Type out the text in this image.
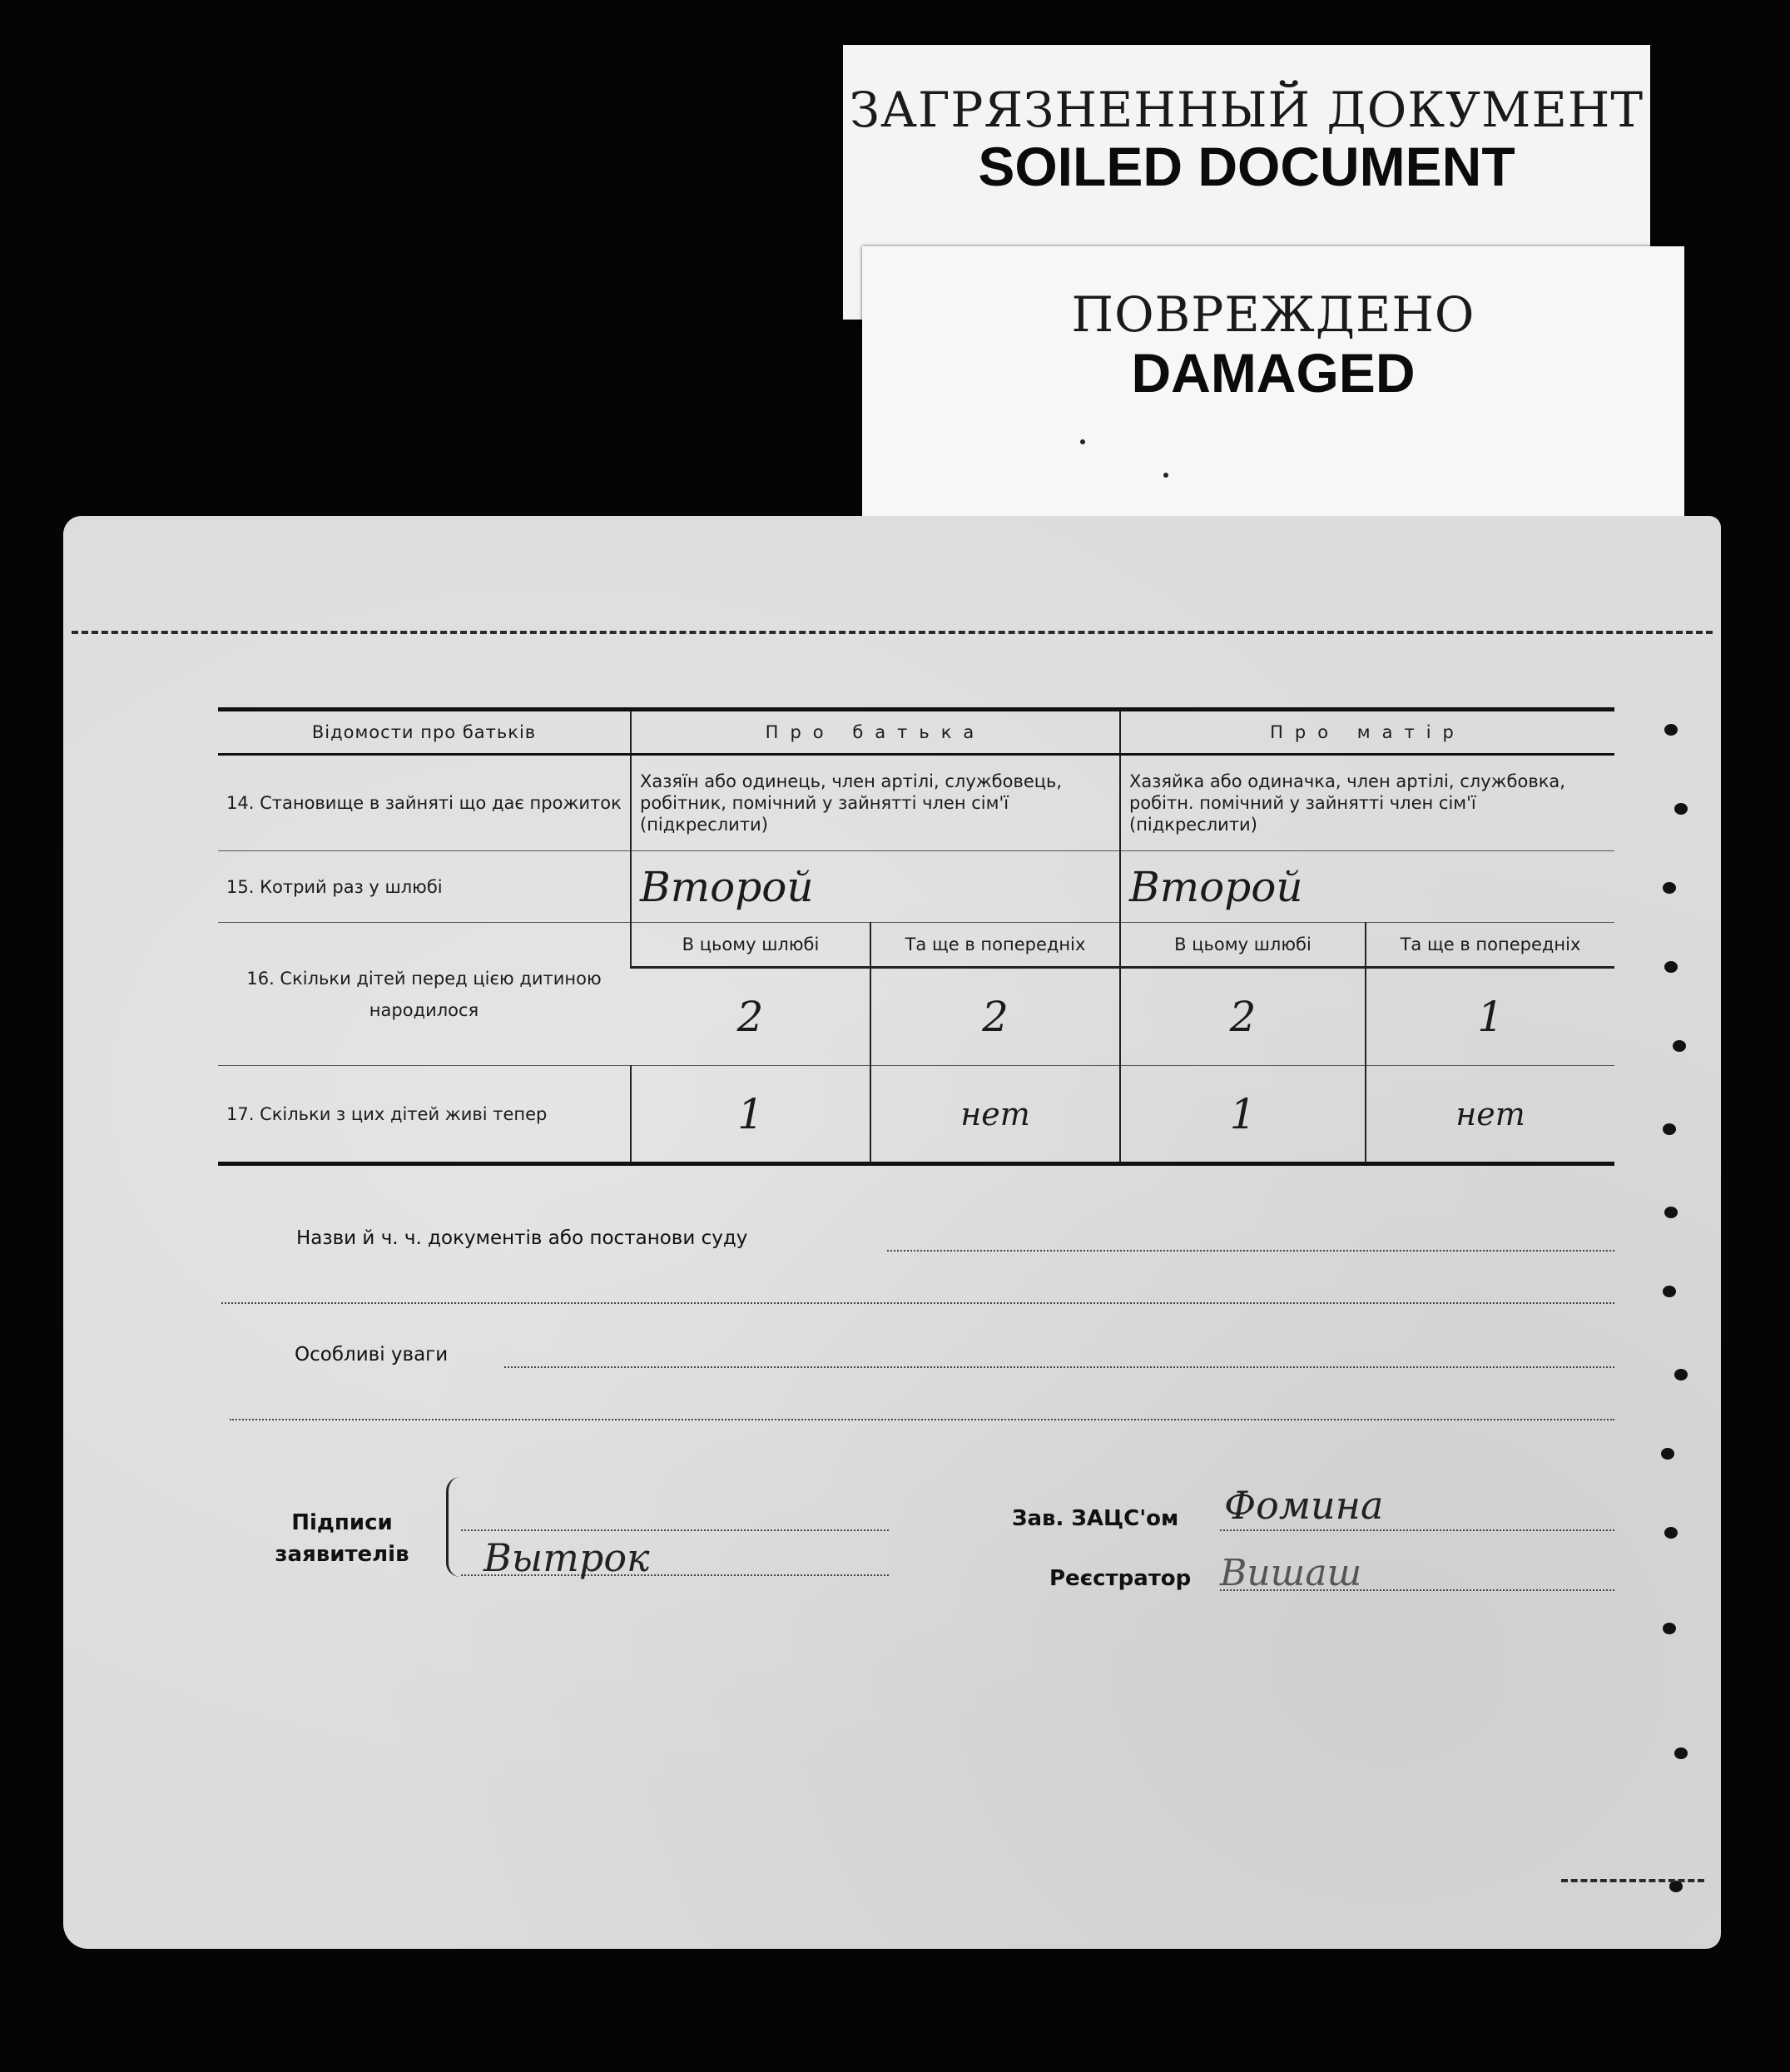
ЗАГРЯЗНЕННЫЙ ДОКУМЕНТ
SOILED DOCUMENT
ПОВРЕЖДЕНО
DAMAGED
Відомости про батьків	Про батька		Про матір	
14. Становище в зайняті що дає прожиток	Хазяїн або одинець, член артілі, службовець, робітник, помічний у зайнятті член сім'ї (підкреслити)		Хазяйка або одиначка, член артілі, службовка, робітн. помічний у зайнятті член сім'ї (підкреслити)	
15. Котрий раз у шлюбі	Второй		Второй	
16. Скільки дітей перед цією дитиною народилося	В цьому шлюбі	Та ще в попередніх	В цьому шлюбі	Та ще в попередніх
	2	2	2	1
17. Скільки з цих дітей живі тепер	1	нет	1	нет
Назви й ч. ч. документів або постанови суду
Особливі уваги
Підписи
заявителів Вытрок
Зав. ЗАЦС'ом Фомина
Реєстратор Вишаш
